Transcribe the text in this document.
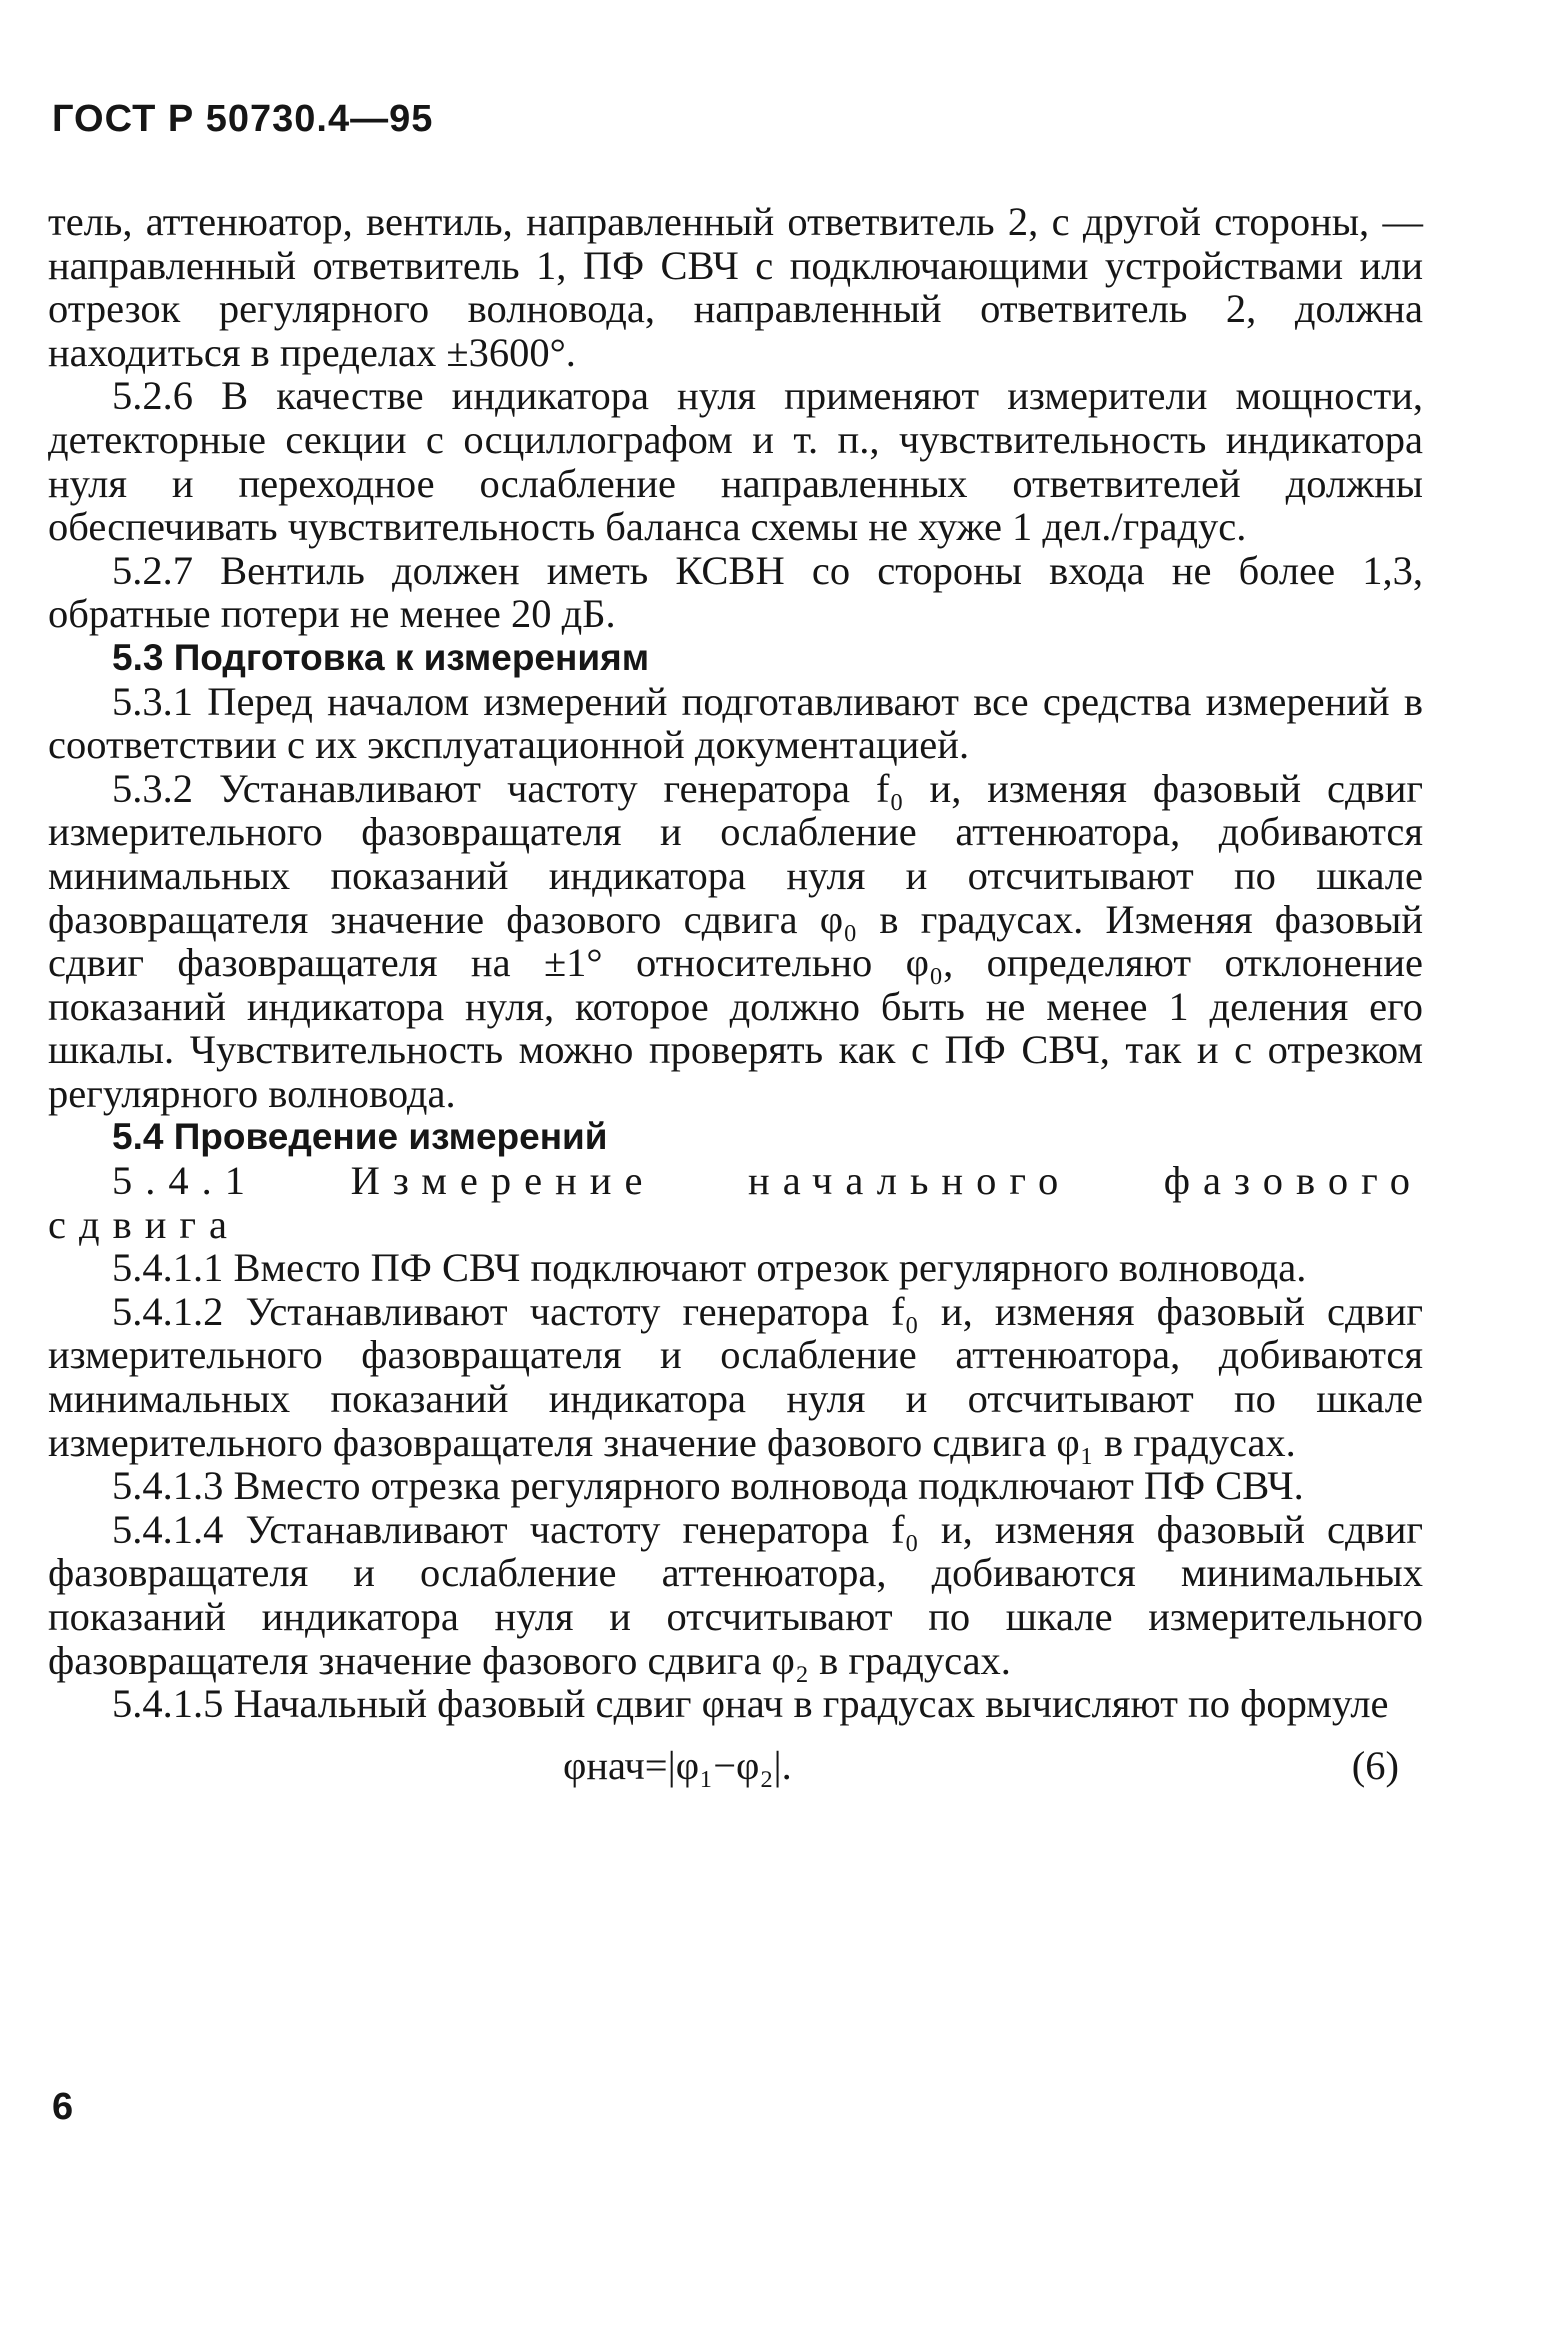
ГОСТ Р 50730.4—95

тель, аттенюатор, вентиль, направленный ответвитель 2, с другой стороны, — направленный ответвитель 1, ПФ СВЧ с подключающими устройствами или отрезок регулярного волновода, направленный ответвитель 2, должна находиться в пределах ±3600°.

5.2.6 В качестве индикатора нуля применяют измерители мощности, детекторные секции с осциллографом и т. п., чувствительность индикатора нуля и переходное ослабление направленных ответвителей должны обеспечивать чувствительность баланса схемы не хуже 1 дел./градус.

5.2.7 Вентиль должен иметь КСВН со стороны входа не более 1,3, обратные потери не менее 20 дБ.

5.3 Подготовка к измерениям

5.3.1 Перед началом измерений подготавливают все средства измерений в соответствии с их эксплуатационной документацией.

5.3.2 Устанавливают частоту генератора f₀ и, изменяя фазовый сдвиг измерительного фазовращателя и ослабление аттенюатора, добиваются минимальных показаний индикатора нуля и отсчитывают по шкале фазовращателя значение фазового сдвига φ₀ в градусах. Изменяя фазовый сдвиг фазовращателя на ±1° относительно φ₀, определяют отклонение показаний индикатора нуля, которое должно быть не менее 1 деления его шкалы. Чувствительность можно проверять как с ПФ СВЧ, так и с отрезком регулярного волновода.

5.4 Проведение измерений

5.4.1 Измерение начального фазового сдвига

5.4.1.1 Вместо ПФ СВЧ подключают отрезок регулярного волновода.

5.4.1.2 Устанавливают частоту генератора f₀ и, изменяя фазовый сдвиг измерительного фазовращателя и ослабление аттенюатора, добиваются минимальных показаний индикатора нуля и отсчитывают по шкале измерительного фазовращателя значение фазового сдвига φ₁ в градусах.

5.4.1.3 Вместо отрезка регулярного волновода подключают ПФ СВЧ.

5.4.1.4 Устанавливают частоту генератора f₀ и, изменяя фазовый сдвиг фазовращателя и ослабление аттенюатора, добиваются минимальных показаний индикатора нуля и отсчитывают по шкале измерительного фазовращателя значение фазового сдвига φ₂ в градусах.

5.4.1.5 Начальный фазовый сдвиг φнач в градусах вычисляют по формуле

φнач=|φ₁−φ₂|.	(6)
6
